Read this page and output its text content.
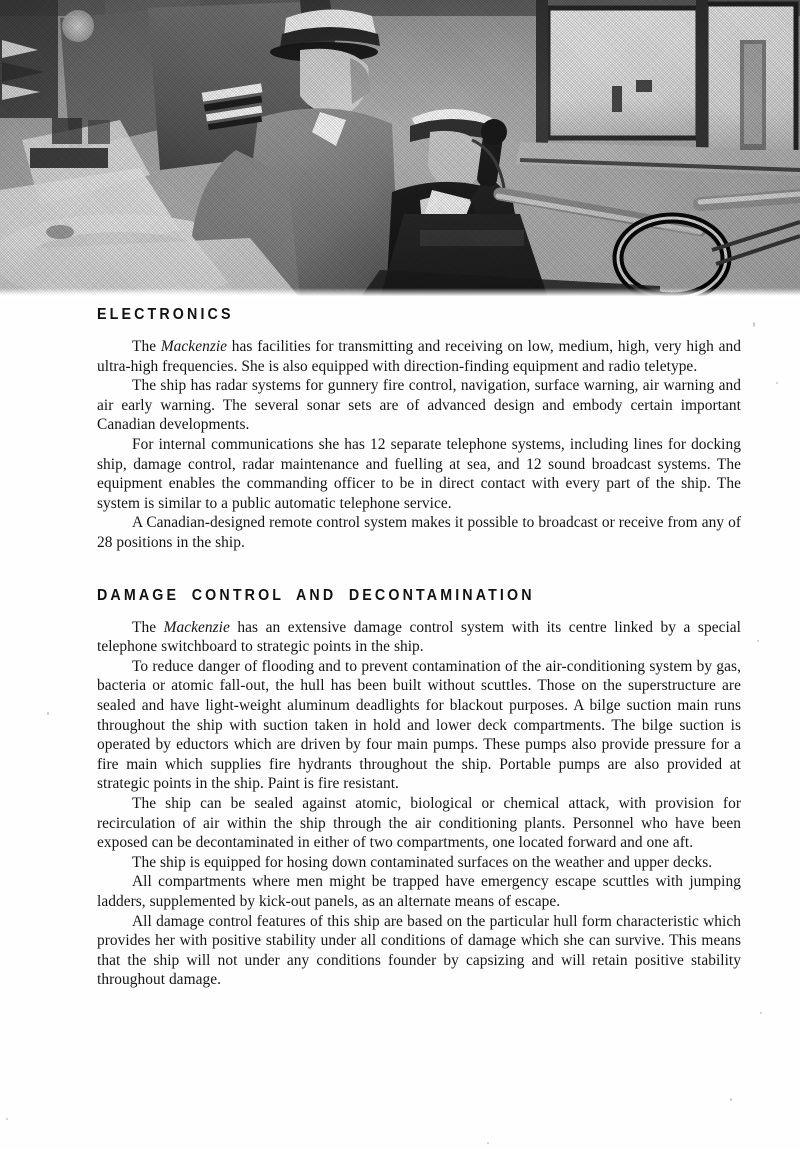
ELECTRONICS

The Mackenzie has facilities for transmitting and receiving on low, medium, high, very high and ultra-high frequencies. She is also equipped with direction-finding equipment and radio teletype.

The ship has radar systems for gunnery fire control, navigation, surface warning, air warning and air early warning. The several sonar sets are of advanced design and embody certain important Canadian developments.

For internal communications she has 12 separate telephone systems, including lines for docking ship, damage control, radar maintenance and fuelling at sea, and 12 sound broadcast systems. The equipment enables the commanding officer to be in direct contact with every part of the ship. The system is similar to a public automatic telephone service.

A Canadian-designed remote control system makes it possible to broadcast or receive from any of 28 positions in the ship.

DAMAGE CONTROL AND DECONTAMINATION

The Mackenzie has an extensive damage control system with its centre linked by a special telephone switchboard to strategic points in the ship.

To reduce danger of flooding and to prevent contamination of the air-conditioning system by gas, bacteria or atomic fall-out, the hull has been built without scuttles. Those on the superstructure are sealed and have light-weight aluminum deadlights for blackout purposes. A bilge suction main runs throughout the ship with suction taken in hold and lower deck compartments. The bilge suction is operated by eductors which are driven by four main pumps. These pumps also provide pressure for a fire main which supplies fire hydrants throughout the ship. Portable pumps are also provided at strategic points in the ship. Paint is fire resistant.

The ship can be sealed against atomic, biological or chemical attack, with provision for recirculation of air within the ship through the air conditioning plants. Personnel who have been exposed can be decontaminated in either of two compartments, one located forward and one aft.

The ship is equipped for hosing down contaminated surfaces on the weather and upper decks.

All compartments where men might be trapped have emergency escape scuttles with jumping ladders, supplemented by kick-out panels, as an alternate means of escape.

All damage control features of this ship are based on the particular hull form characteristic which provides her with positive stability under all conditions of damage which she can survive. This means that the ship will not under any conditions founder by capsizing and will retain positive stability throughout damage.
